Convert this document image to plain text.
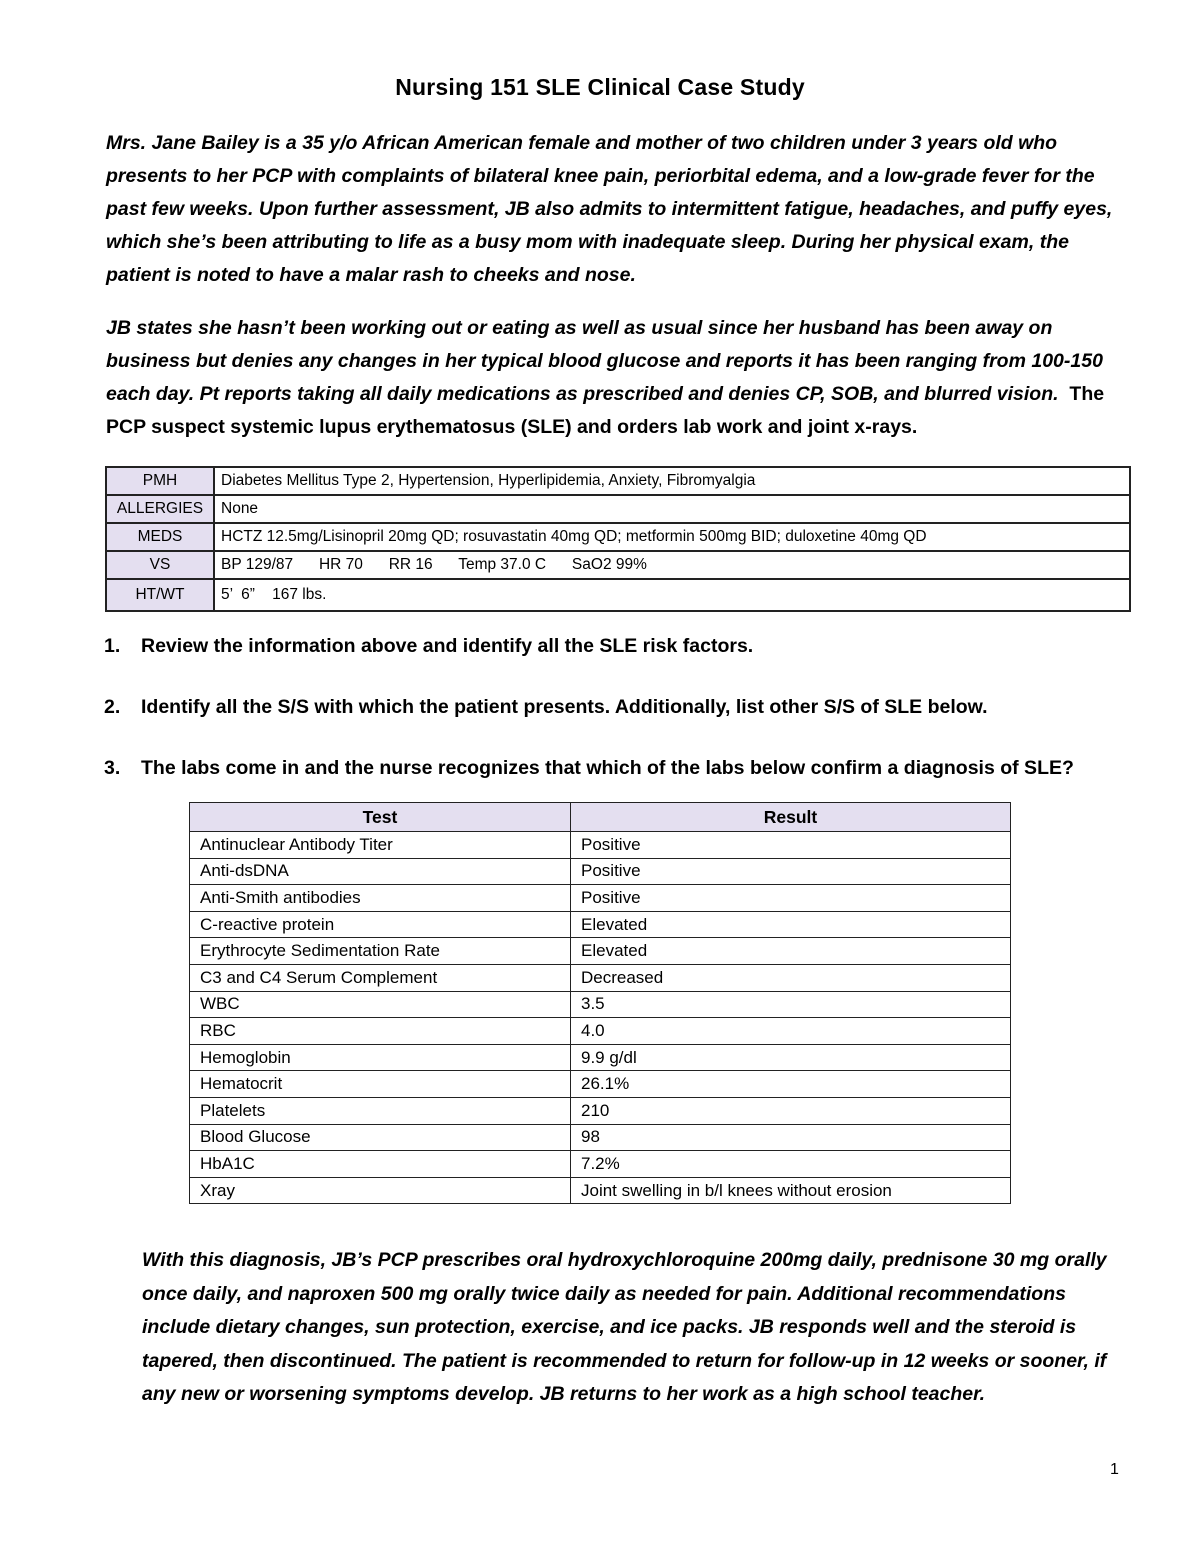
Nursing 151 SLE Clinical Case Study

Mrs. Jane Bailey is a 35 y/o African American female and mother of two children under 3 years old who presents to her PCP with complaints of bilateral knee pain, periorbital edema, and a low-grade fever for the past few weeks. Upon further assessment, JB also admits to intermittent fatigue, headaches, and puffy eyes, which she’s been attributing to life as a busy mom with inadequate sleep. During her physical exam, the patient is noted to have a malar rash to cheeks and nose.

JB states she hasn’t been working out or eating as well as usual since her husband has been away on business but denies any changes in her typical blood glucose and reports it has been ranging from 100-150 each day. Pt reports taking all daily medications as prescribed and denies CP, SOB, and blurred vision. The PCP suspect systemic lupus erythematosus (SLE) and orders lab work and joint x-rays.

PMH	Diabetes Mellitus Type 2, Hypertension, Hyperlipidemia, Anxiety, Fibromyalgia
ALLERGIES	None
MEDS	HCTZ 12.5mg/Lisinopril 20mg QD; rosuvastatin 40mg QD; metformin 500mg BID; duloxetine 40mg QD
VS	BP 129/87      HR 70      RR 16      Temp 37.0 C      SaO2 99%
HT/WT	5’  6”    167 lbs.
1. Review the information above and identify all the SLE risk factors.
2. Identify all the S/S with which the patient presents. Additionally, list other S/S of SLE below.
3. The labs come in and the nurse recognizes that which of the labs below confirm a diagnosis of SLE?
Test	Result
Antinuclear Antibody Titer	Positive
Anti-dsDNA	Positive
Anti-Smith antibodies	Positive
C-reactive protein	Elevated
Erythrocyte Sedimentation Rate	Elevated
C3 and C4 Serum Complement	Decreased
WBC	3.5
RBC	4.0
Hemoglobin	9.9 g/dl
Hematocrit	26.1%
Platelets	210
Blood Glucose	98
HbA1C	7.2%
Xray	Joint swelling in b/l knees without erosion

With this diagnosis, JB’s PCP prescribes oral hydroxychloroquine 200mg daily, prednisone 30 mg orally once daily, and naproxen 500 mg orally twice daily as needed for pain. Additional recommendations include dietary changes, sun protection, exercise, and ice packs. JB responds well and the steroid is tapered, then discontinued. The patient is recommended to return for follow-up in 12 weeks or sooner, if any new or worsening symptoms develop. JB returns to her work as a high school teacher.

1
